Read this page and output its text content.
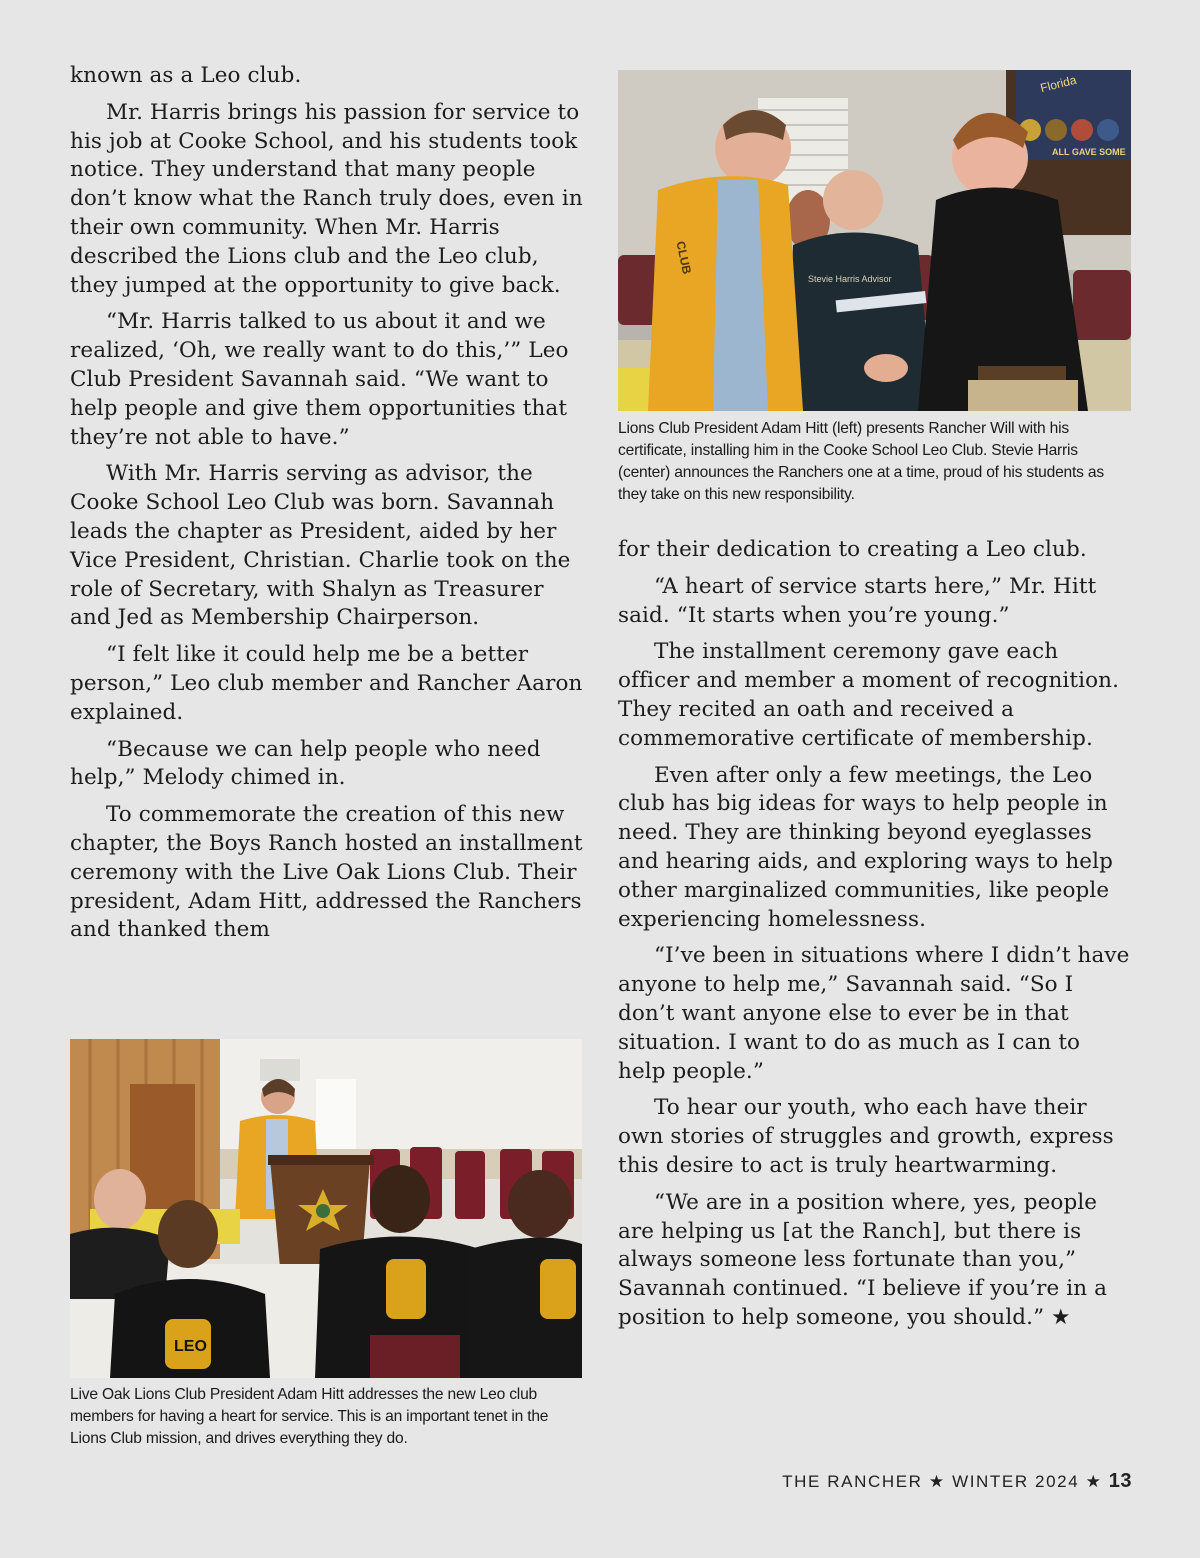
known as a Leo club.

Mr. Harris brings his passion for service to his job at Cooke School, and his students took notice. They understand that many people don’t know what the Ranch truly does, even in their own community. When Mr. Harris described the Lions club and the Leo club, they jumped at the opportunity to give back.

“Mr. Harris talked to us about it and we realized, ‘Oh, we really want to do this,’” Leo Club President Savannah said. “We want to help people and give them opportunities that they’re not able to have.”

With Mr. Harris serving as advisor, the Cooke School Leo Club was born. Savannah leads the chapter as President, aided by her Vice President, Christian. Charlie took on the role of Secretary, with Shalyn as Treasurer and Jed as Membership Chairperson.

“I felt like it could help me be a better person,” Leo club member and Rancher Aaron explained.

“Because we can help people who need help,” Melody chimed in.

To commemorate the creation of this new chapter, the Boys Ranch hosted an installment ceremony with the Live Oak Lions Club. Their president, Adam Hitt, addressed the Ranchers and thanked them

Florida
ALL GAVE SOME
Stevie Harris Advisor
CLUB

Lions Club President Adam Hitt (left) presents Rancher Will with his certificate, installing him in the Cooke School Leo Club. Stevie Harris (center) announces the Ranchers one at a time, proud of his students as they take on this new responsibility.

for their dedication to creating a Leo club.

“A heart of service starts here,” Mr. Hitt said. “It starts when you’re young.”

The installment ceremony gave each officer and member a moment of recognition. They recited an oath and received a commemorative certificate of membership.

Even after only a few meetings, the Leo club has big ideas for ways to help people in need. They are thinking beyond eyeglasses and hearing aids, and exploring ways to help other marginalized communities, like people experiencing homelessness.

“I’ve been in situations where I didn’t have anyone to help me,” Savannah said. “So I don’t want anyone else to ever be in that situation. I want to do as much as I can to help people.”

To hear our youth, who each have their own stories of struggles and growth, express this desire to act is truly heartwarming.

“We are in a position where, yes, people are helping us [at the Ranch], but there is always someone less fortunate than you,” Savannah continued. “I believe if you’re in a position to help someone, you should.” ★

LEO

Live Oak Lions Club President Adam Hitt addresses the new Leo club members for having a heart for service. This is an important tenet in the Lions Club mission, and drives everything they do.

THE RANCHER ★ WINTER 2024 ★ 13
